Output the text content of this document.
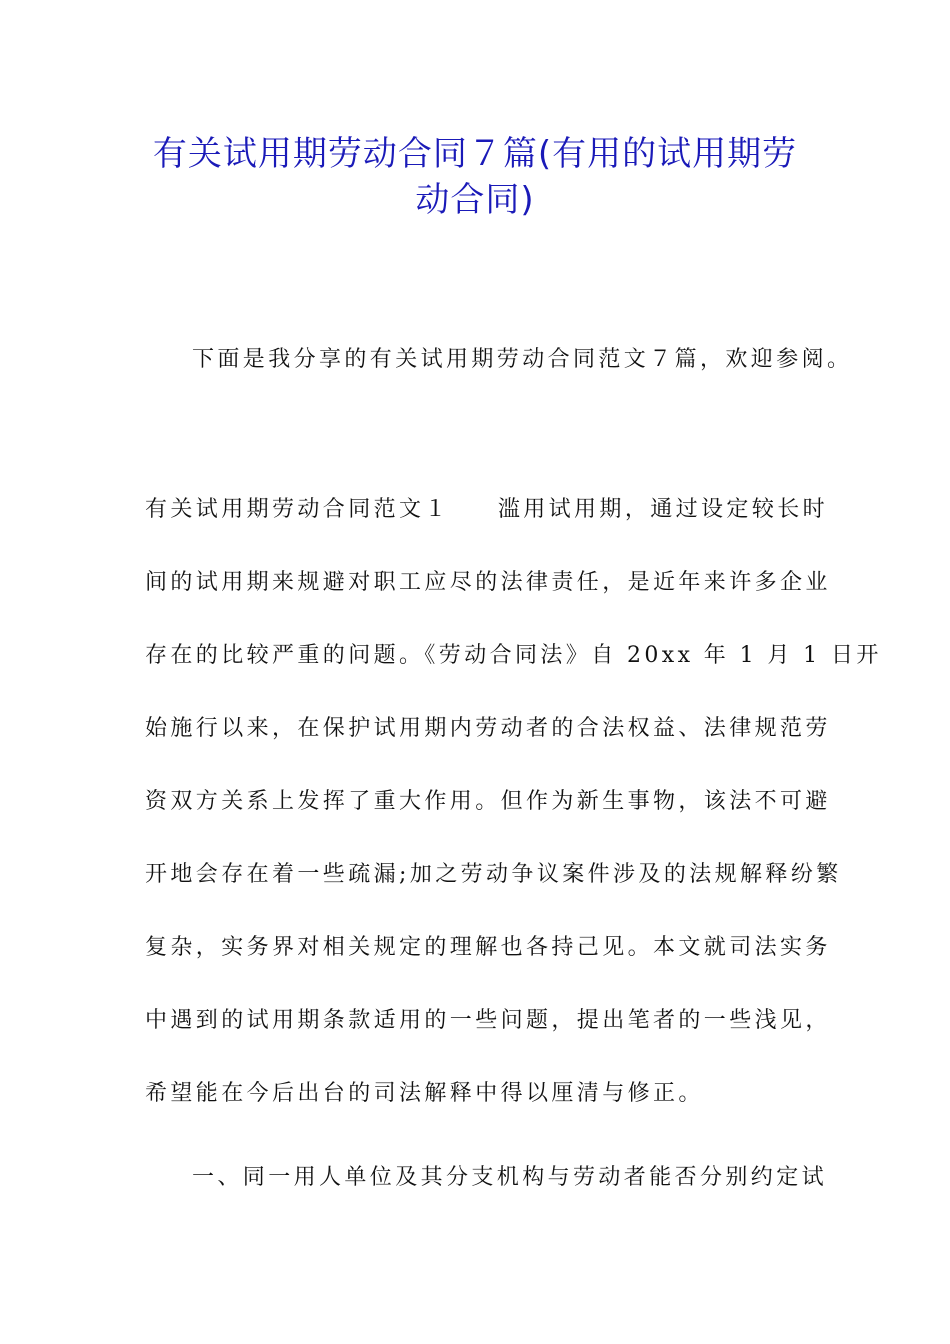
有关试用期劳动合同７篇(有用的试用期劳
动合同)
下面是我分享的有关试用期劳动合同范文７篇，欢迎参阅。
有关试用期劳动合同范文１ 滥用试用期，通过设定较长时
间的试用期来规避对职工应尽的法律责任，是近年来许多企业
存在的比较严重的问题。《劳动合同法》自 20xx 年 1 月 1 日开
始施行以来，在保护试用期内劳动者的合法权益、法律规范劳
资双方关系上发挥了重大作用。但作为新生事物，该法不可避
开地会存在着一些疏漏;加之劳动争议案件涉及的法规解释纷繁
复杂，实务界对相关规定的理解也各持己见。本文就司法实务
中遇到的试用期条款适用的一些问题，提出笔者的一些浅见，
希望能在今后出台的司法解释中得以厘清与修正。
一、同一用人单位及其分支机构与劳动者能否分别约定试
